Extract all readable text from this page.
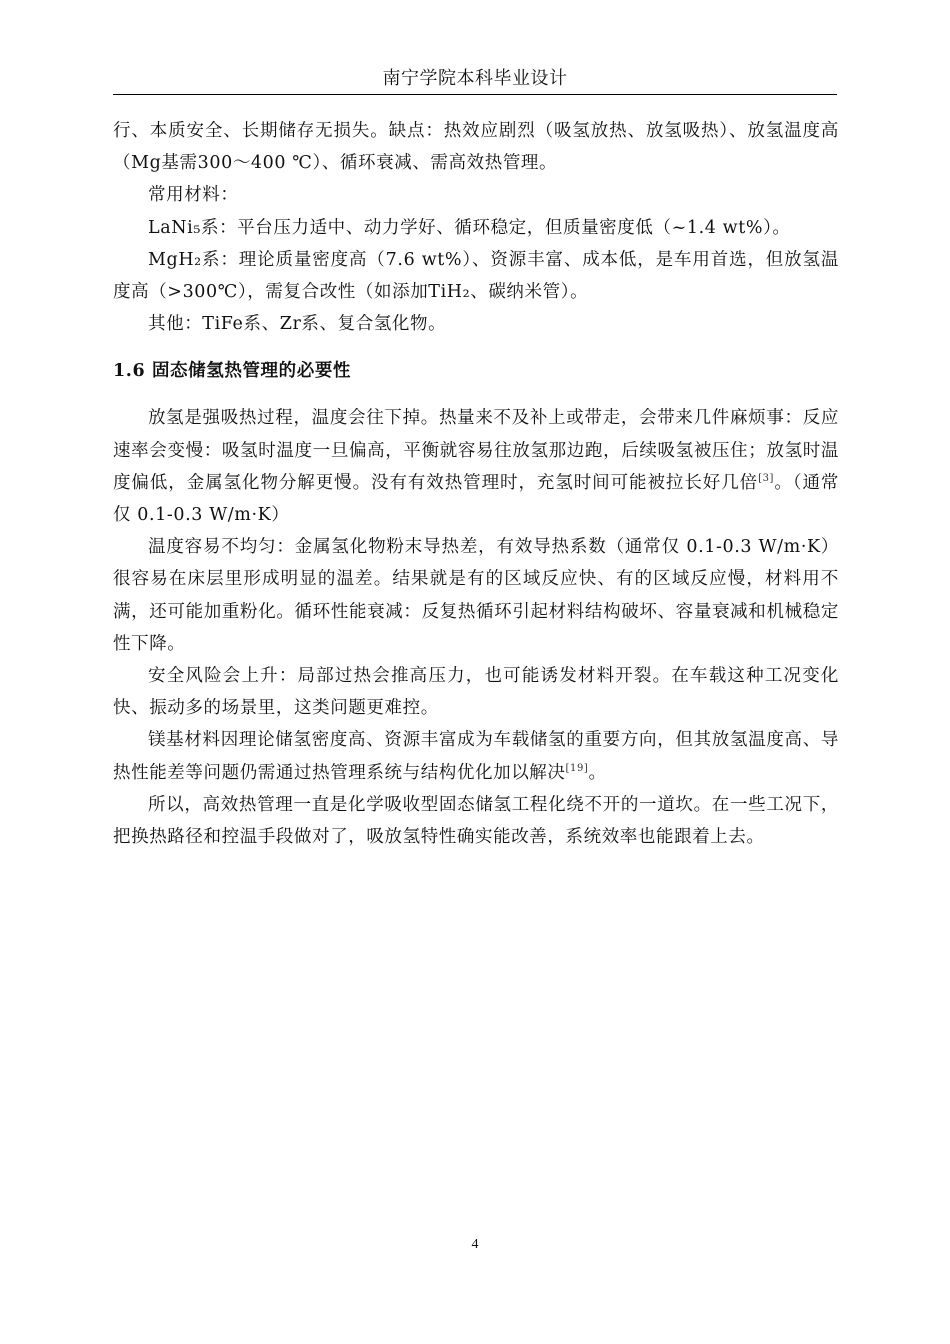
南宁学院本科毕业设计

行、本质安全、长期储存无损失。缺点：热效应剧烈（吸氢放热、放氢吸热）、放氢温度高（Mg基需300～400 ℃）、循环衰减、需高效热管理。

常用材料：

LaNi₅系：平台压力适中、动力学好、循环稳定，但质量密度低（~1.4 wt%）。

MgH₂系：理论质量密度高（7.6 wt%）、资源丰富、成本低，是车用首选，但放氢温度高（>300℃），需复合改性（如添加TiH₂、碳纳米管）。

其他：TiFe系、Zr系、复合氢化物。

1.6 固态储氢热管理的必要性

放氢是强吸热过程，温度会往下掉。热量来不及补上或带走，会带来几件麻烦事：反应速率会变慢：吸氢时温度一旦偏高，平衡就容易往放氢那边跑，后续吸氢被压住；放氢时温度偏低，金属氢化物分解更慢。没有有效热管理时，充氢时间可能被拉长好几倍[3]。（通常仅 0.1-0.3 W/m·K）

温度容易不均匀：金属氢化物粉末导热差，有效导热系数（通常仅 0.1-0.3 W/m·K）很容易在床层里形成明显的温差。结果就是有的区域反应快、有的区域反应慢，材料用不满，还可能加重粉化。循环性能衰减：反复热循环引起材料结构破坏、容量衰减和机械稳定性下降。

安全风险会上升：局部过热会推高压力，也可能诱发材料开裂。在车载这种工况变化快、振动多的场景里，这类问题更难控。

镁基材料因理论储氢密度高、资源丰富成为车载储氢的重要方向，但其放氢温度高、导热性能差等问题仍需通过热管理系统与结构优化加以解决[19]。

所以，高效热管理一直是化学吸收型固态储氢工程化绕不开的一道坎。在一些工况下，把换热路径和控温手段做对了，吸放氢特性确实能改善，系统效率也能跟着上去。

4
